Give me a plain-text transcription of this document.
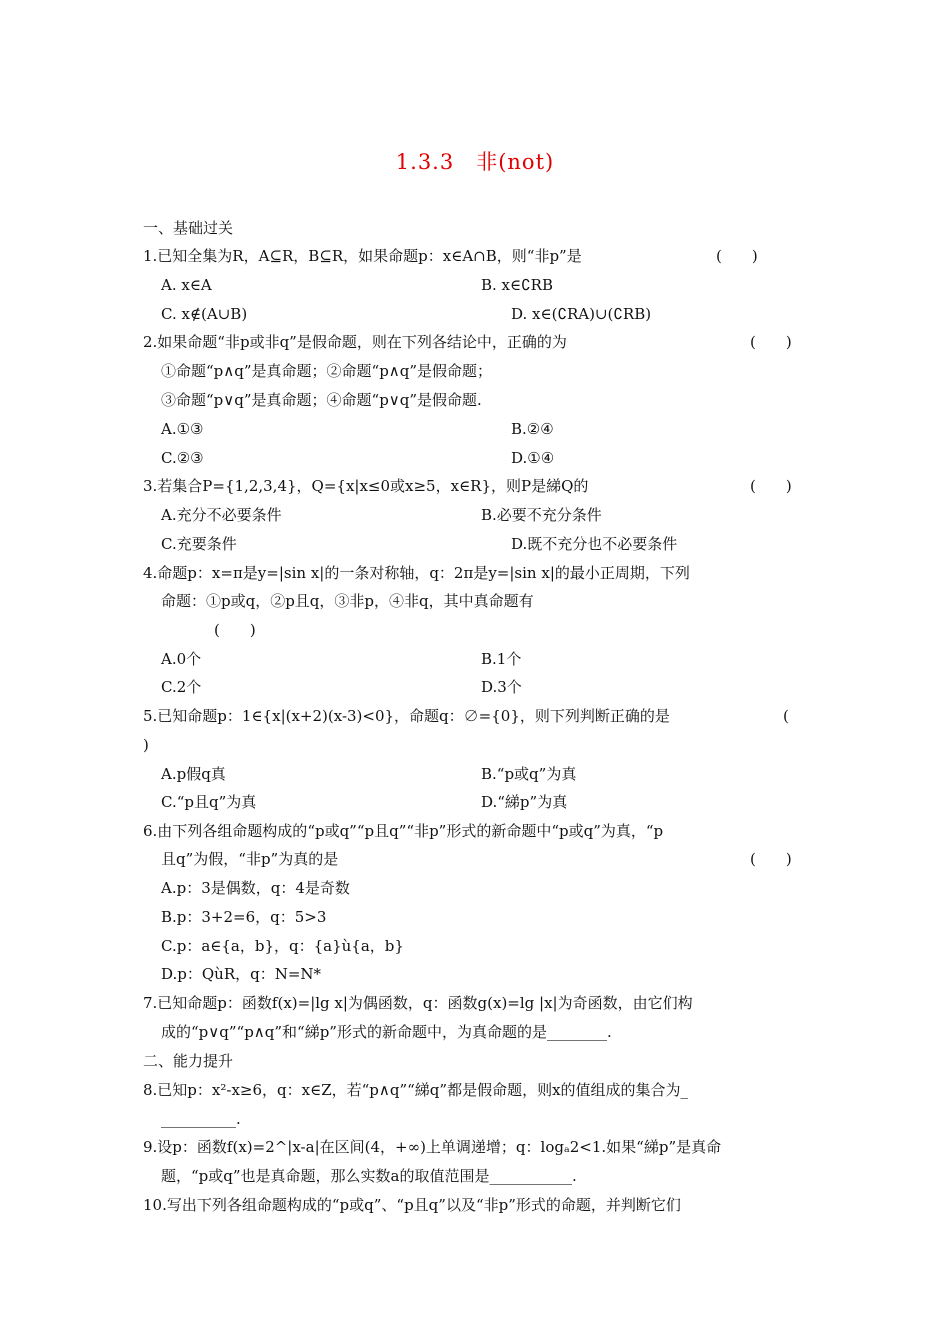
1.3.3　非(not)
一、基础过关
1.已知全集为R，A⊆R，B⊆R，如果命题p：x∈A∩B，则“非p”是	(　　)
A. x∈A	B. x∈∁RB
C. x∉(A∪B)	D. x∈(∁RA)∪(∁RB)
2.如果命题“非p或非q”是假命题，则在下列各结论中，正确的为	(　　)
①命题“p∧q”是真命题；②命题“p∧q”是假命题；
③命题“p∨q”是真命题；④命题“p∨q”是假命题.
A.①③	B.②④
C.②③	D.①④
3.若集合P={1,2,3,4}，Q={x|x≤0或x≥5，x∈R}，则P是綈Q的	(　　)
A.充分不必要条件	B.必要不充分条件
C.充要条件	D.既不充分也不必要条件
4.命题p：x=π是y=|sin x|的一条对称轴，q：2π是y=|sin x|的最小正周期，下列
命题：①p或q，②p且q，③非p，④非q，其中真命题有
(　　)
A.0个	B.1个
C.2个	D.3个
5.已知命题p：1∈{x|(x+2)(x-3)<0}，命题q：∅={0}，则下列判断正确的是	(
)
A.p假q真	B.“p或q”为真
C.“p且q”为真	D.“綈p”为真
6.由下列各组命题构成的“p或q”“p且q”“非p”形式的新命题中“p或q”为真，“p
且q”为假，“非p”为真的是	(　　)
A.p：3是偶数，q：4是奇数
B.p：3+2=6，q：5>3
C.p：a∈{a，b}，q：{a}ù{a，b}
D.p：QùR，q：N=N*
7.已知命题p：函数f(x)=|lg x|为偶函数，q：函数g(x)=lg |x|为奇函数，由它们构
成的“p∨q”“p∧q”和“綈p”形式的新命题中，为真命题的是________.
二、能力提升
8.已知p：x²-x≥6，q：x∈Z，若“p∧q”“綈q”都是假命题，则x的值组成的集合为_
__________.
9.设p：函数f(x)=2^|x-a|在区间(4，+∞)上单调递增；q：logₐ2<1.如果“綈p”是真命
题，“p或q”也是真命题，那么实数a的取值范围是___________.
10.写出下列各组命题构成的“p或q”、“p且q”以及“非p”形式的命题，并判断它们
